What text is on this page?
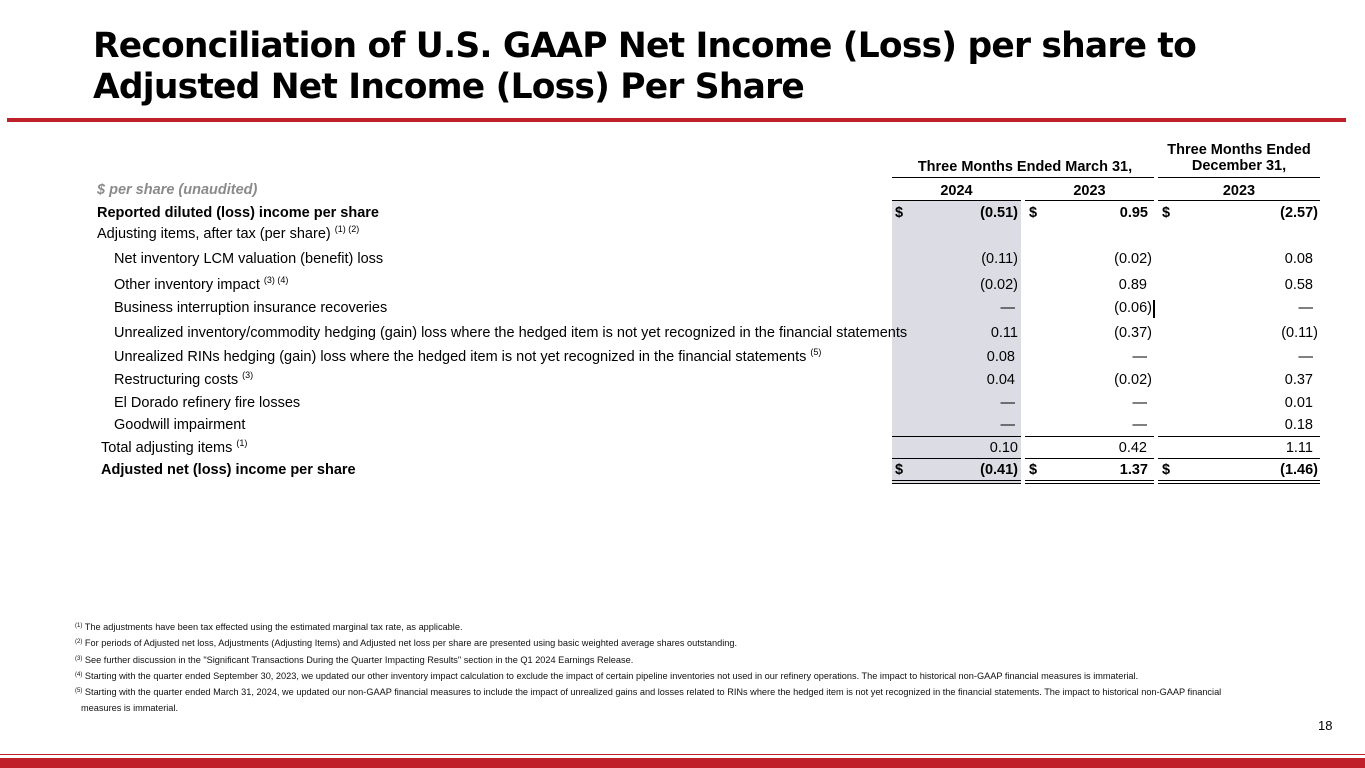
Reconciliation of U.S. GAAP Net Income (Loss) per share to
Adjusted Net Income (Loss) Per Share
Three Months Ended March 31,
Three Months Ended
December 31,
$ per share (unaudited)	2024	2023	2023
Reported diluted (loss) income per share	$	(0.51) $	0.95 $	(2.57)
Adjusting items, after tax (per share) $^{(1) (2)}$
Net inventory LCM valuation (benefit) loss	(0.11)	(0.02)	0.08
Other inventory impact $^{(3) (4)}$	(0.02)	0.89	0.58
Business interruption insurance recoveries	—	(0.06)	—
Unrealized inventory/commodity hedging (gain) loss where the hedged item is not yet recognized in the financial statements	0.11	(0.37)	(0.11)
Unrealized RINs hedging (gain) loss where the hedged item is not yet recognized in the financial statements $^{(5)}$	0.08	—	—
Restructuring costs $^{(3)}$	0.04	(0.02)	0.37
El Dorado refinery fire losses	—	—	0.01
Goodwill impairment	—	—	0.18
Total adjusting items $^{(1)}$	0.10	0.42	1.11
Adjusted net (loss) income per share	$	(0.41) $	1.37 $	(1.46)
$^{(1)}$ The adjustments have been tax effected using the estimated marginal tax rate, as applicable.
$^{(2)}$ For periods of Adjusted net loss, Adjustments (Adjusting Items) and Adjusted net loss per share are presented using basic weighted average shares outstanding.
$^{(3)}$ See further discussion in the "Significant Transactions During the Quarter Impacting Results" section in the Q1 2024 Earnings Release.
$^{(4)}$ Starting with the quarter ended September 30, 2023, we updated our other inventory impact calculation to exclude the impact of certain pipeline inventories not used in our refinery operations. The impact to historical non-GAAP financial measures is immaterial.
$^{(5)}$ Starting with the quarter ended March 31, 2024, we updated our non-GAAP financial measures to include the impact of unrealized gains and losses related to RINs where the hedged item is not yet recognized in the financial statements. The impact to historical non-GAAP financial
measures is immaterial.
18
